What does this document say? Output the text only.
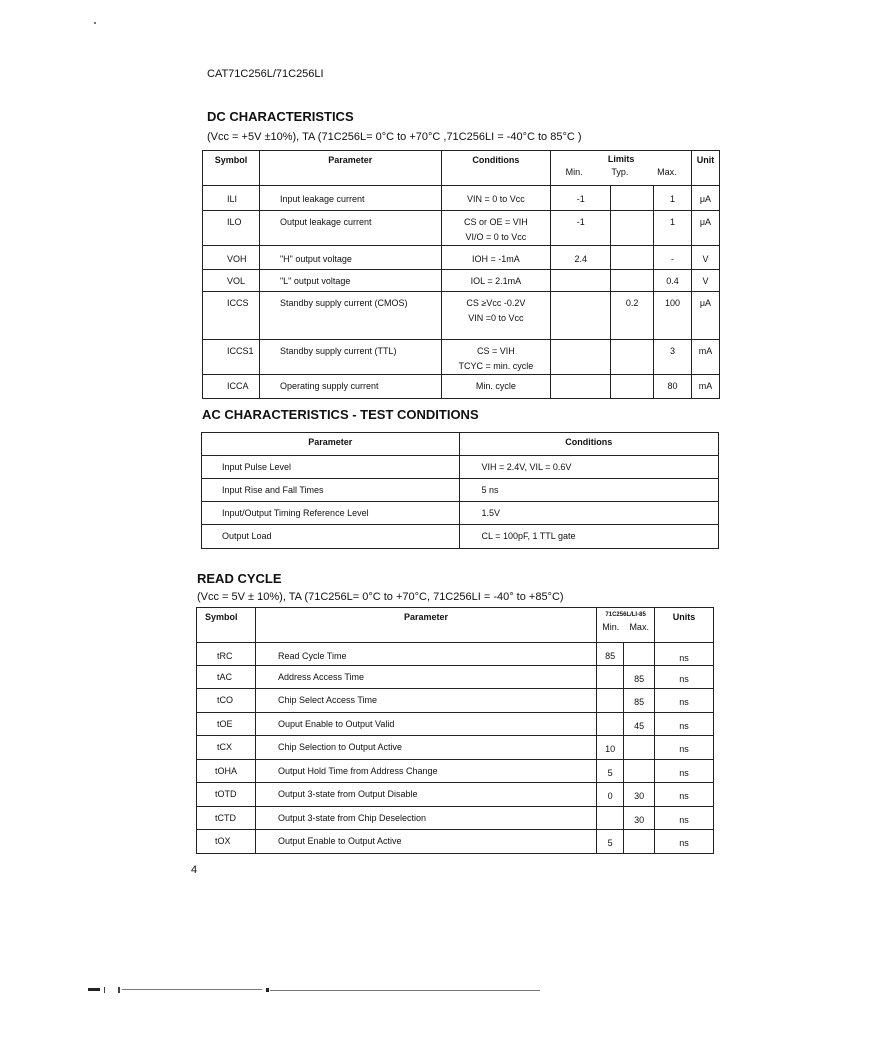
CAT71C256L/71C256LI
DC CHARACTERISTICS
(Vcc = +5V ±10%), TA (71C256L= 0°C to +70°C ,71C256LI = -40°C to 85°C )
Symbol	Parameter	Conditions	Limits
Min. Typ. Max.			Unit
ILI	Input leakage current	VIN = 0 to Vcc	-1		1	μA
ILO	Output leakage current	CS or OE = VIH
VI/O = 0 to Vcc	-1		1	μA
VOH	"H" output voltage	IOH = -1mA	2.4		-	V
VOL	"L" output voltage	IOL = 2.1mA			0.4	V
ICCS	Standby supply current (CMOS)	CS ≥Vcc -0.2V
VIN =0 to Vcc		0.2	100	μA
ICCS1	Standby supply current (TTL)	CS = VIH
TCYC = min. cycle			3	mA
ICCA	Operating supply current	Min. cycle			80	mA
AC CHARACTERISTICS - TEST CONDITIONS
Parameter	Conditions
Input Pulse Level	VIH = 2.4V, VIL = 0.6V
Input Rise and Fall Times	5 ns
Input/Output Timing Reference Level	1.5V
Output Load	CL = 100pF, 1 TTL gate
READ CYCLE
(Vcc = 5V ± 10%), TA (71C256L= 0°C to +70°C, 71C256LI = -40° to +85°C)
Symbol	Parameter	71C256L/LI-85
Min. Max.		Units
tRC	Read Cycle Time	85		ns
tAC	Address Access Time		85	ns
tCO	Chip Select Access Time		85	ns
tOE	Ouput Enable to Output Valid		45	ns
tCX	Chip Selection to Output Active	10		ns
tOHA	Output Hold Time from Address Change	5		ns
tOTD	Output 3-state from Output Disable	0	30	ns
tCTD	Output 3-state from Chip Deselection		30	ns
tOX	Output Enable to Output Active	5		ns
4
